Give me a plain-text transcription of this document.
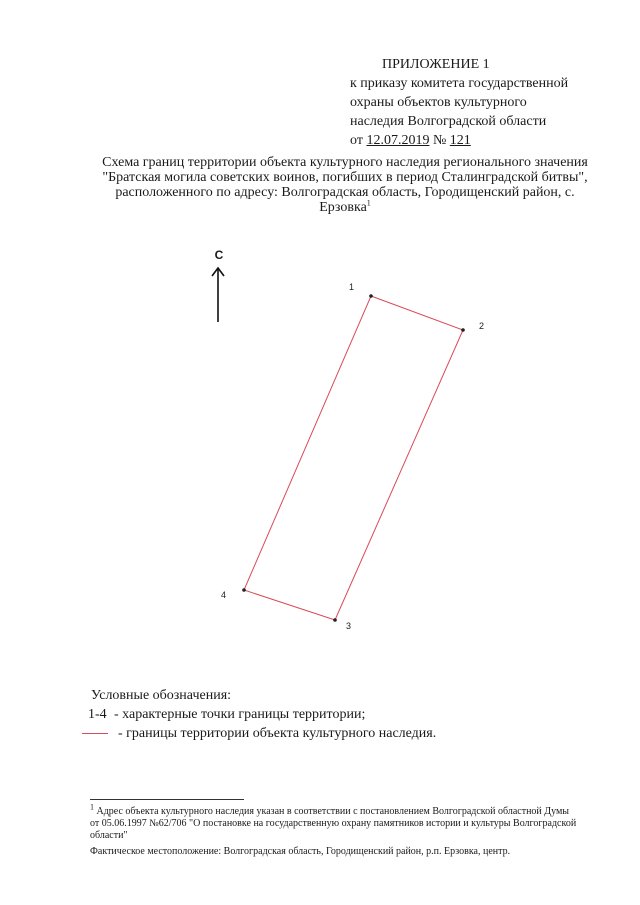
ПРИЛОЖЕНИЕ 1
к приказу комитета государственной
охраны объектов культурного
наследия Волгоградской области
от 12.07.2019 № 121
Схема границ территории объекта культурного наследия регионального значения "Братская могила советских воинов, погибших в период Сталинградской битвы", расположенного по адресу: Волгоградская область, Городищенский район, с. Ерзовка$^1$
С
1
2
3
4
Условные обозначения:
1-4 - характерные точки границы территории;
- границы территории объекта культурного наследия.
$^1$ Адрес объекта культурного наследия указан в соответствии с постановлением Волгоградской областной Думы от 05.06.1997 №62/706 "О постановке на государственную охрану памятников истории и культуры Волгоградской области"
Фактическое местоположение: Волгоградская область, Городищенский район, р.п. Ерзовка, центр.
